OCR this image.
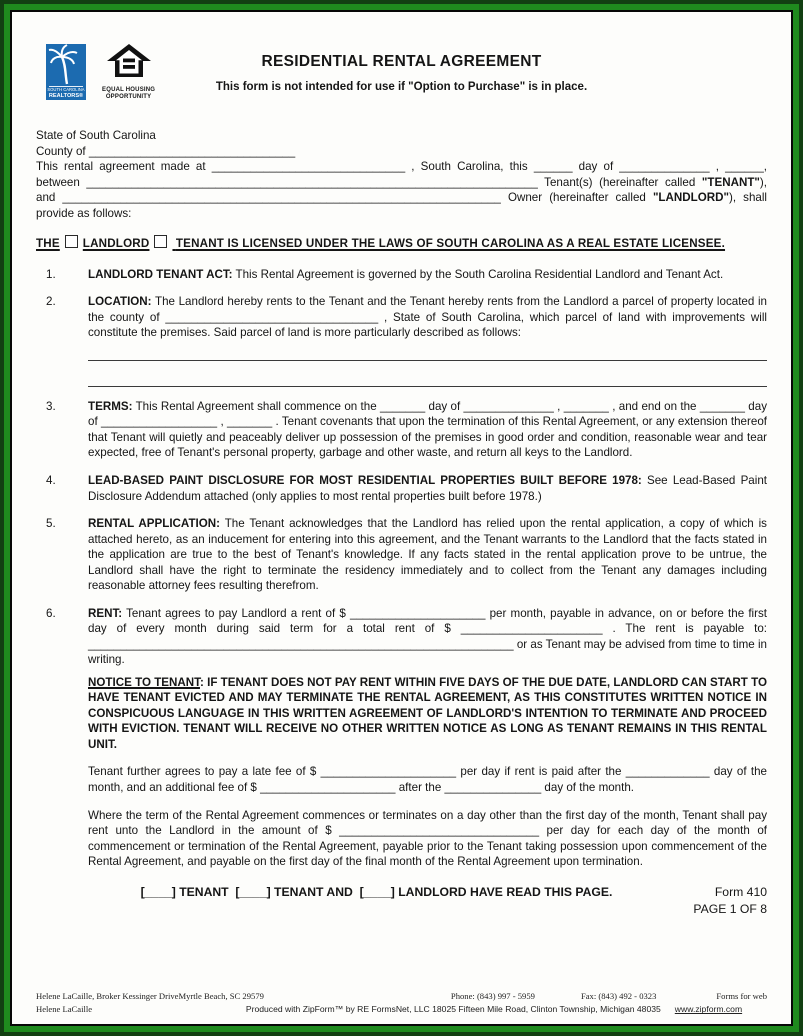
SOUTH CAROLINA
REALTORS®
EQUAL HOUSING
OPPORTUNITY
RESIDENTIAL RENTAL AGREEMENT

This form is not intended for use if "Option to Purchase" is in place.

State of South Carolina

County of ________________________________

This rental agreement made at ______________________________ , South Carolina, this ______ day of ______________ , ______, between ______________________________________________________________________ Tenant(s) (hereinafter called "TENANT"), and ____________________________________________________________________ Owner (hereinafter called "LANDLORD"), shall provide as follows:

THE LANDLORD TENANT IS LICENSED UNDER THE LAWS OF SOUTH CAROLINA AS A REAL ESTATE LICENSEE.

1.	LANDLORD TENANT ACT: This Rental Agreement is governed by the South Carolina Residential Landlord and Tenant Act.

2.	LOCATION: The Landlord hereby rents to the Tenant and the Tenant hereby rents from the Landlord a parcel of property located in the county of _________________________________ , State of South Carolina, which parcel of land with improvements will constitute the premises. Said parcel of land is more particularly described as follows:

3.	TERMS: This Rental Agreement shall commence on the _______ day of ______________ , _______ , and end on the _______ day of __________________ , _______ . Tenant covenants that upon the termination of this Rental Agreement, or any extension thereof that Tenant will quietly and peaceably deliver up possession of the premises in good order and condition, reasonable wear and tear expected, free of Tenant's personal property, garbage and other waste, and return all keys to the Landlord.

4.	LEAD-BASED PAINT DISCLOSURE FOR MOST RESIDENTIAL PROPERTIES BUILT BEFORE 1978: See Lead-Based Paint Disclosure Addendum attached (only applies to most rental properties built before 1978.)

5.	RENTAL APPLICATION: The Tenant acknowledges that the Landlord has relied upon the rental application, a copy of which is attached hereto, as an inducement for entering into this agreement, and the Tenant warrants to the Landlord that the facts stated in the application are true to the best of Tenant's knowledge. If any facts stated in the rental application prove to be untrue, the Landlord shall have the right to terminate the residency immediately and to collect from the Tenant any damages including reasonable attorney fees resulting therefrom.

6.	RENT: Tenant agrees to pay Landlord a rent of $ _____________________ per month, payable in advance, on or before the first day of every month during said term for a total rent of $ ______________________ . The rent is payable to: __________________________________________________________________ or as Tenant may be advised from time to time in writing.

NOTICE TO TENANT: IF TENANT DOES NOT PAY RENT WITHIN FIVE DAYS OF THE DUE DATE, LANDLORD CAN START TO HAVE TENANT EVICTED AND MAY TERMINATE THE RENTAL AGREEMENT, AS THIS CONSTITUTES WRITTEN NOTICE IN CONSPICUOUS LANGUAGE IN THIS WRITTEN AGREEMENT OF LANDLORD'S INTENTION TO TERMINATE AND PROCEED WITH EVICTION. TENANT WILL RECEIVE NO OTHER WRITTEN NOTICE AS LONG AS TENANT REMAINS IN THIS RENTAL UNIT.

Tenant further agrees to pay a late fee of $ _____________________ per day if rent is paid after the _____________ day of the month, and an additional fee of $ _____________________ after the _______________ day of the month.

Where the term of the Rental Agreement commences or terminates on a day other than the first day of the month, Tenant shall pay rent unto the Landlord in the amount of $ _______________________________ per day for each day of the month of commencement or termination of the Rental Agreement, payable prior to the Tenant taking possession upon commencement of the Rental Agreement, and payable on the first day of the final month of the Rental Agreement upon termination.

[____] TENANT [____] TENANT AND [____] LANDLORD HAVE READ THIS PAGE.	Form 410
PAGE 1 OF 8
Helene LaCaille, Broker Kessinger DriveMyrtle Beach, SC 29579	Phone: (843) 997 - 5959	Fax: (843) 492 - 0323	Forms for web
Helene LaCaille	Produced with ZipForm™ by RE FormsNet, LLC 18025 Fifteen Mile Road, Clinton Township, Michigan 48035 www.zipform.com
